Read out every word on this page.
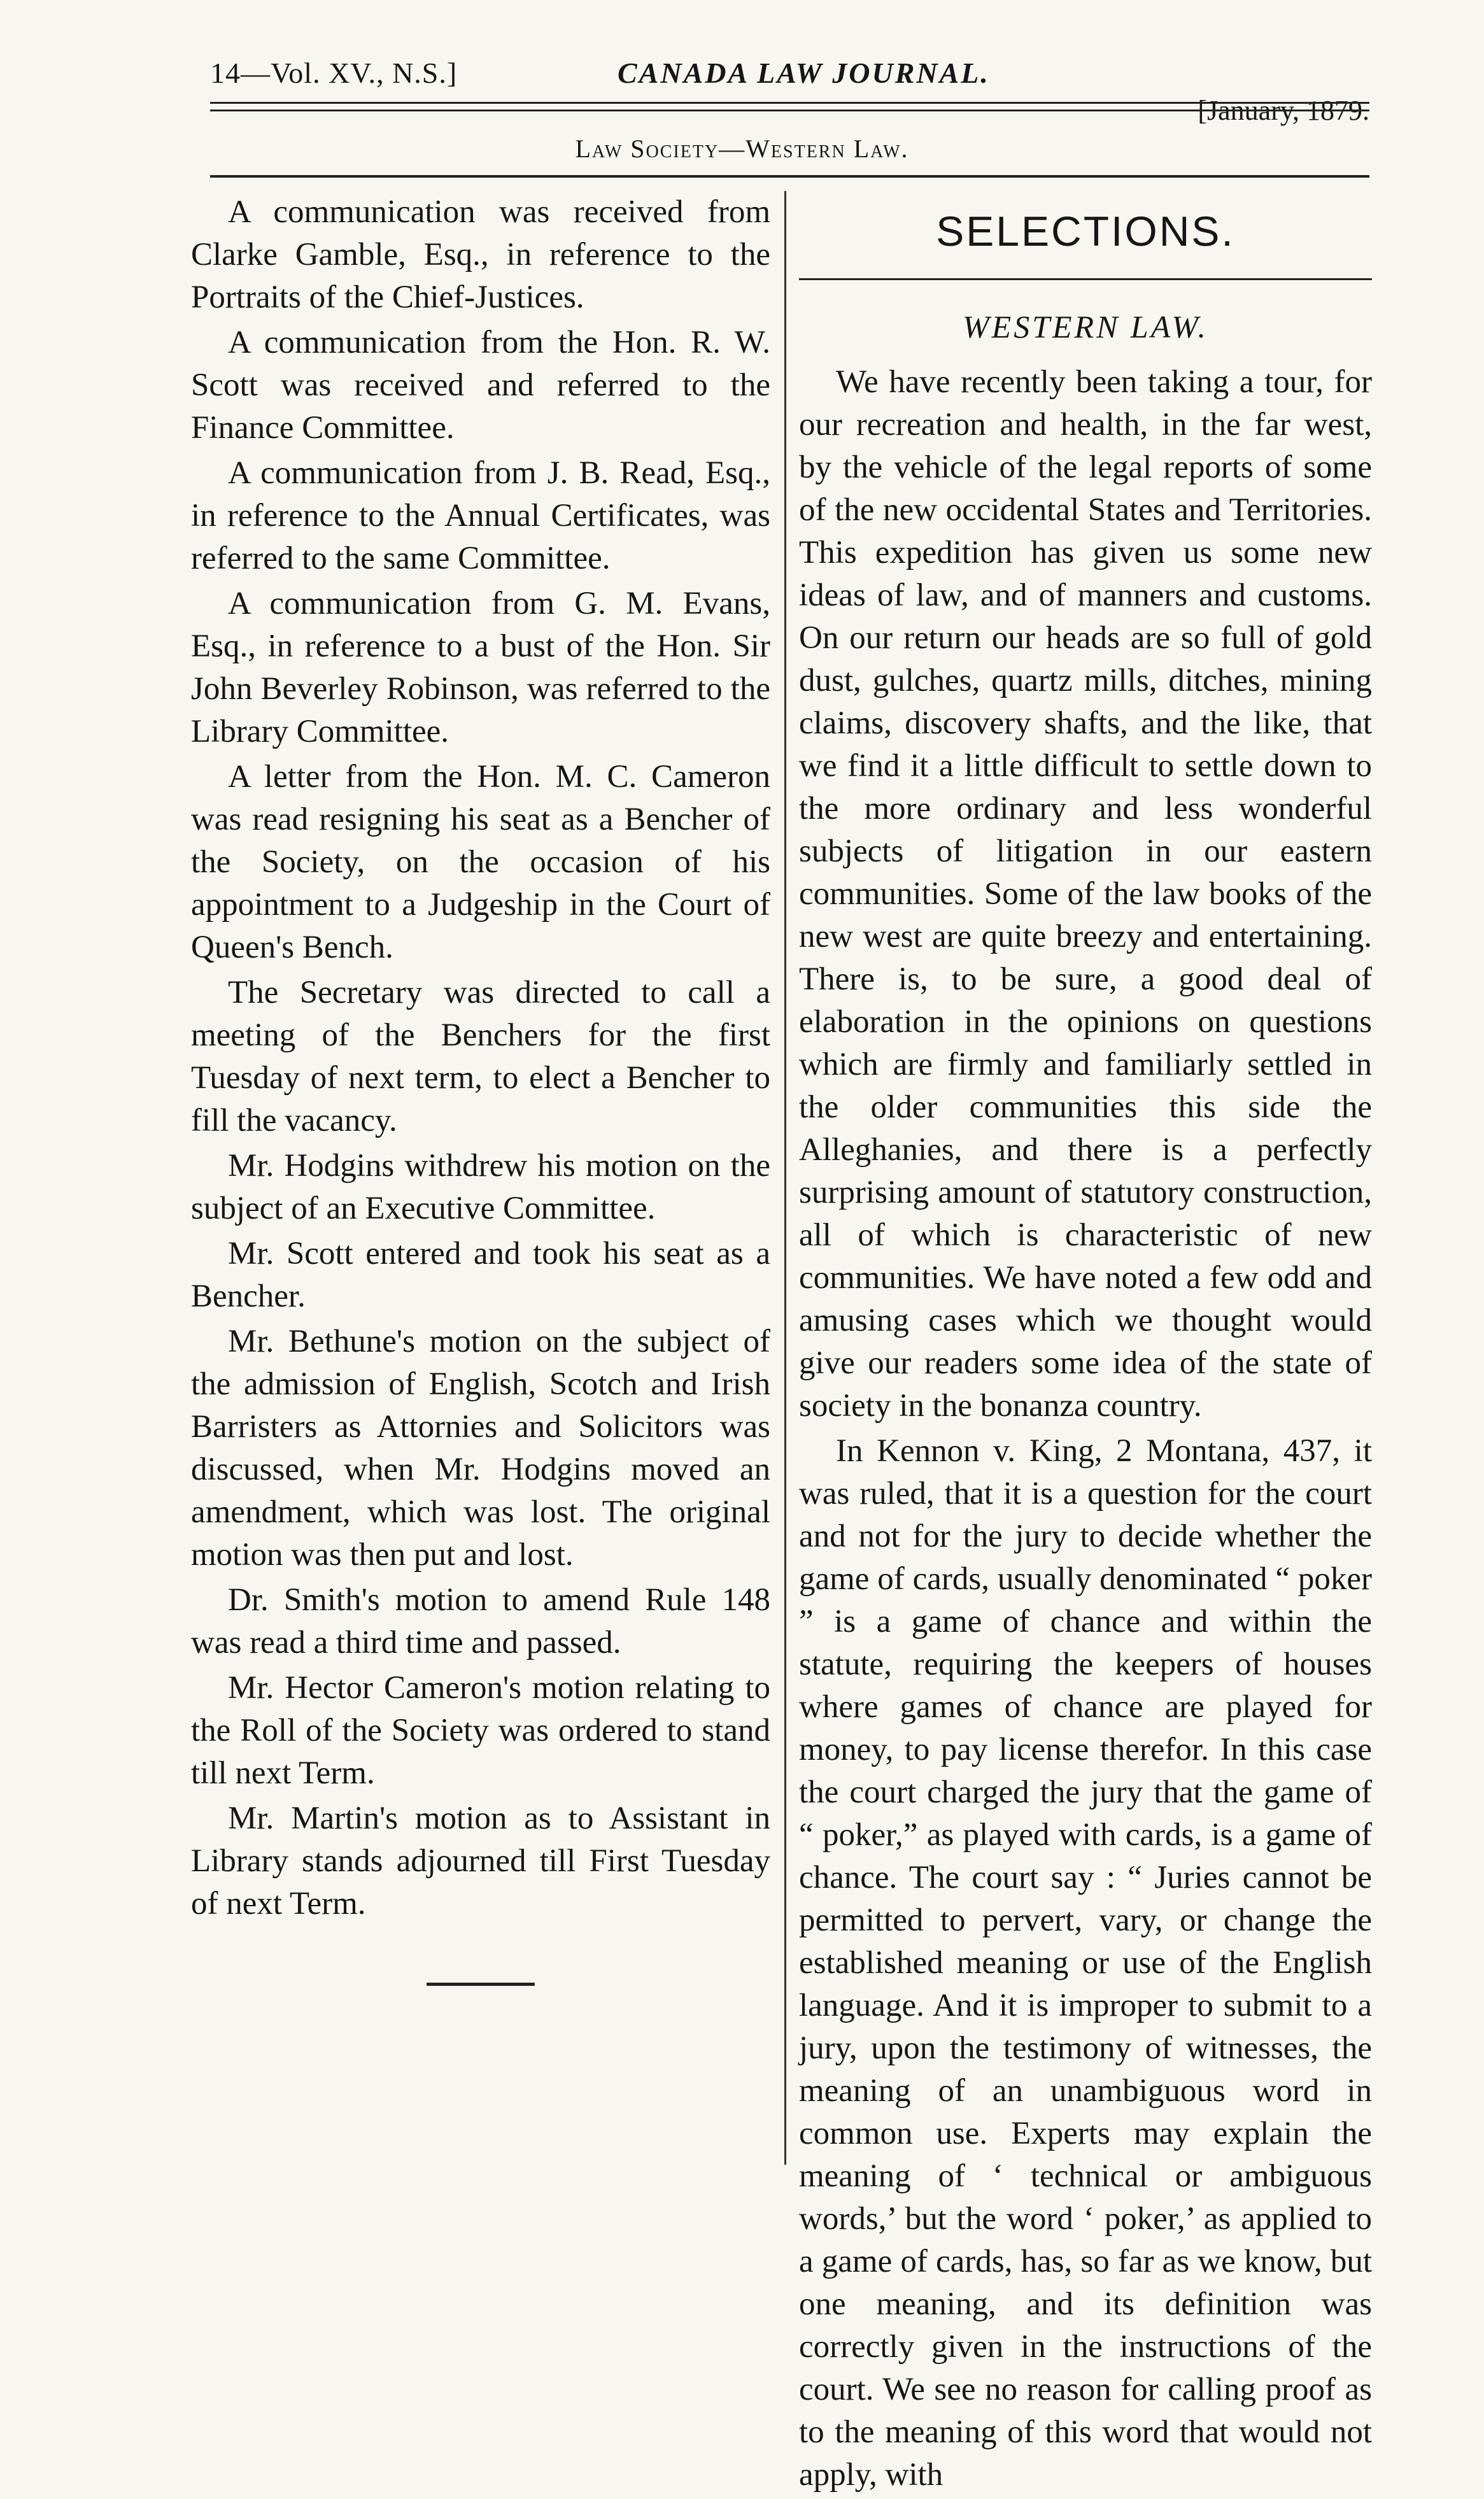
14—Vol. XV., N.S.]	CANADA LAW JOURNAL.
[January, 1879.
Law Society—Western Law.

A communication was received from Clarke Gamble, Esq., in reference to the Portraits of the Chief-Justices.

A communication from the Hon. R. W. Scott was received and referred to the Finance Committee.

A communication from J. B. Read, Esq., in reference to the Annual Certificates, was referred to the same Committee.

A communication from G. M. Evans, Esq., in reference to a bust of the Hon. Sir John Beverley Robinson, was referred to the Library Committee.

A letter from the Hon. M. C. Cameron was read resigning his seat as a Bencher of the Society, on the occasion of his appointment to a Judgeship in the Court of Queen's Bench.

The Secretary was directed to call a meeting of the Benchers for the first Tuesday of next term, to elect a Bencher to fill the vacancy.

Mr. Hodgins withdrew his motion on the subject of an Executive Committee.

Mr. Scott entered and took his seat as a Bencher.

Mr. Bethune's motion on the subject of the admission of English, Scotch and Irish Barristers as Attornies and Solicitors was discussed, when Mr. Hodgins moved an amendment, which was lost. The original motion was then put and lost.

Dr. Smith's motion to amend Rule 148 was read a third time and passed.

Mr. Hector Cameron's motion relating to the Roll of the Society was ordered to stand till next Term.

Mr. Martin's motion as to Assistant in Library stands adjourned till First Tuesday of next Term.

SELECTIONS.
WESTERN LAW.

We have recently been taking a tour, for our recreation and health, in the far west, by the vehicle of the legal reports of some of the new occidental States and Territories. This expedition has given us some new ideas of law, and of manners and customs. On our return our heads are so full of gold dust, gulches, quartz mills, ditches, mining claims, discovery shafts, and the like, that we find it a little difficult to settle down to the more ordinary and less wonderful subjects of litigation in our eastern communities. Some of the law books of the new west are quite breezy and entertaining. There is, to be sure, a good deal of elaboration in the opinions on questions which are firmly and familiarly settled in the older communities this side the Alleghanies, and there is a perfectly surprising amount of statutory construction, all of which is characteristic of new communities. We have noted a few odd and amusing cases which we thought would give our readers some idea of the state of society in the bonanza country.

In Kennon v. King, 2 Montana, 437, it was ruled, that it is a question for the court and not for the jury to decide whether the game of cards, usually denominated “ poker ” is a game of chance and within the statute, requiring the keepers of houses where games of chance are played for money, to pay license therefor. In this case the court charged the jury that the game of “ poker,” as played with cards, is a game of chance. The court say : “ Juries cannot be permitted to pervert, vary, or change the established meaning or use of the English language. And it is improper to submit to a jury, upon the testimony of witnesses, the meaning of an unambiguous word in common use. Experts may explain the meaning of ‘ technical or ambiguous words,’ but the word ‘ poker,’ as applied to a game of cards, has, so far as we know, but one meaning, and its definition was correctly given in the instructions of the court. We see no reason for calling proof as to the meaning of this word that would not apply, with
